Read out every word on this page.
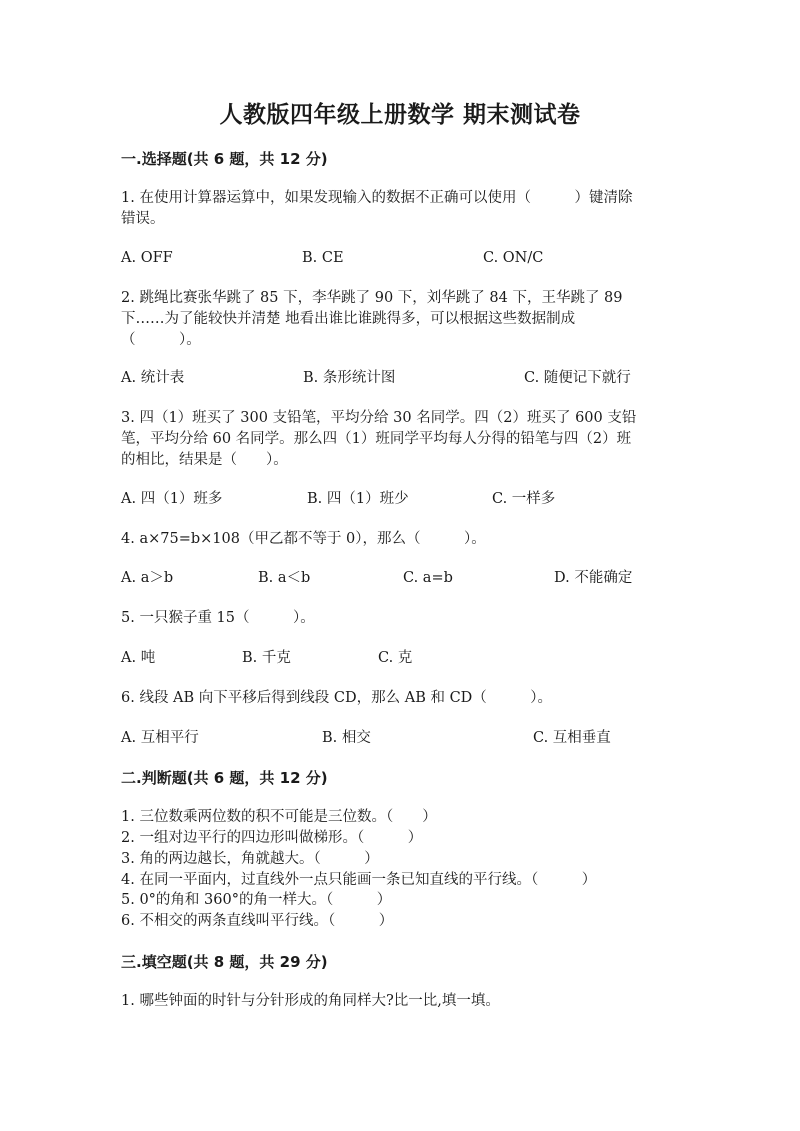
人教版四年级上册数学 期末测试卷
一.选择题(共 6 题，共 12 分)
1. 在使用计算器运算中，如果发现输入的数据不正确可以使用（　　　）键清除
错误。
A. OFF	B. CE	C. ON/C
2. 跳绳比赛张华跳了 85 下，李华跳了 90 下，刘华跳了 84 下，王华跳了 89
下……为了能较快并清楚 地看出谁比谁跳得多，可以根据这些数据制成
（　　　）。
A. 统计表	B. 条形统计图	C. 随便记下就行
3. 四（1）班买了 300 支铅笔，平均分给 30 名同学。四（2）班买了 600 支铅
笔，平均分给 60 名同学。那么四（1）班同学平均每人分得的铅笔与四（2）班
的相比，结果是（　　）。
A. 四（1）班多	B. 四（1）班少	C. 一样多
4. a×75=b×108（甲乙都不等于 0），那么（　　　）。
A. a＞b	B. a＜b	C. a=b	D. 不能确定
5. 一只猴子重 15（　　　）。
A. 吨	B. 千克	C. 克
6. 线段 AB 向下平移后得到线段 CD，那么 AB 和 CD（　　　）。
A. 互相平行	B. 相交	C. 互相垂直
二.判断题(共 6 题，共 12 分)
1. 三位数乘两位数的积不可能是三位数。（　　）
2. 一组对边平行的四边形叫做梯形。（　　　）
3. 角的两边越长，角就越大。（　　　）
4. 在同一平面内，过直线外一点只能画一条已知直线的平行线。（　　　）
5. 0°的角和 360°的角一样大。（　　　）
6. 不相交的两条直线叫平行线。（　　　）
三.填空题(共 8 题，共 29 分)
1. 哪些钟面的时针与分针形成的角同样大?比一比,填一填。
